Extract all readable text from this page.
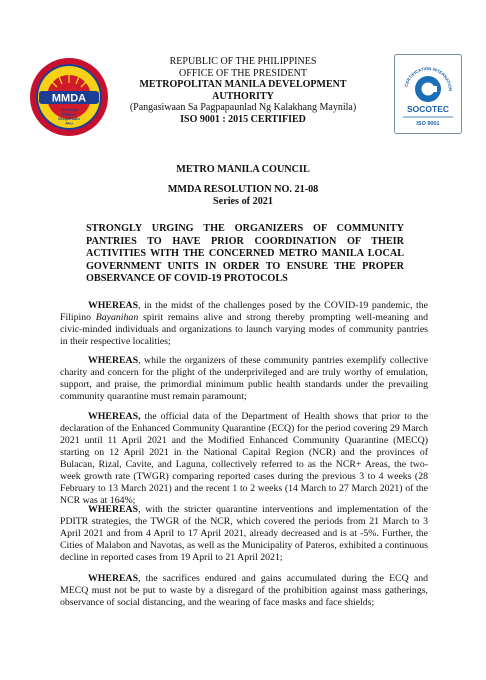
MMDA
Metrong
Maayos
Disiplinado
Ako
REPUBLIC OF THE PHILIPPINES
OFFICE OF THE PRESIDENT
METROPOLITAN MANILA DEVELOPMENT AUTHORITY
(Pangasiwaan Sa Pagpapaunlad Ng Kalakhang Maynila)
ISO 9001 : 2015 CERTIFIED
CERTIFICATION INTERNATION
SOCOTEC
ISO 9001
METRO MANILA COUNCIL
MMDA RESOLUTION NO. 21-08
Series of 2021
STRONGLY URGING THE ORGANIZERS OF COMMUNITY PANTRIES TO HAVE PRIOR COORDINATION OF THEIR ACTIVITIES WITH THE CONCERNED METRO MANILA LOCAL GOVERNMENT UNITS IN ORDER TO ENSURE THE PROPER OBSERVANCE OF COVID-19 PROTOCOLS

WHEREAS, in the midst of the challenges posed by the COVID-19 pandemic, the Filipino Bayanihan spirit remains alive and strong thereby prompting well-meaning and civic-minded individuals and organizations to launch varying modes of community pantries in their respective localities;

WHEREAS, while the organizers of these community pantries exemplify collective charity and concern for the plight of the underprivileged and are truly worthy of emulation, support, and praise, the primordial minimum public health standards under the prevailing community quarantine must remain paramount;

WHEREAS, the official data of the Department of Health shows that prior to the declaration of the Enhanced Community Quarantine (ECQ) for the period covering 29 March 2021 until 11 April 2021 and the Modified Enhanced Community Quarantine (MECQ) starting on 12 April 2021 in the National Capital Region (NCR) and the provinces of Bulacan, Rizal, Cavite, and Laguna, collectively referred to as the NCR+ Areas, the two-week growth rate (TWGR) comparing reported cases during the previous 3 to 4 weeks (28 February to 13 March 2021) and the recent 1 to 2 weeks (14 March to 27 March 2021) of the NCR was at 164%;

WHEREAS, with the stricter quarantine interventions and implementation of the PDITR strategies, the TWGR of the NCR, which covered the periods from 21 March to 3 April 2021 and from 4 April to 17 April 2021, already decreased and is at -5%. Further, the Cities of Malabon and Navotas, as well as the Municipality of Pateros, exhibited a continuous decline in reported cases from 19 April to 21 April 2021;

WHEREAS, the sacrifices endured and gains accumulated during the ECQ and MECQ must not be put to waste by a disregard of the prohibition against mass gatherings, observance of social distancing, and the wearing of face masks and face shields;
